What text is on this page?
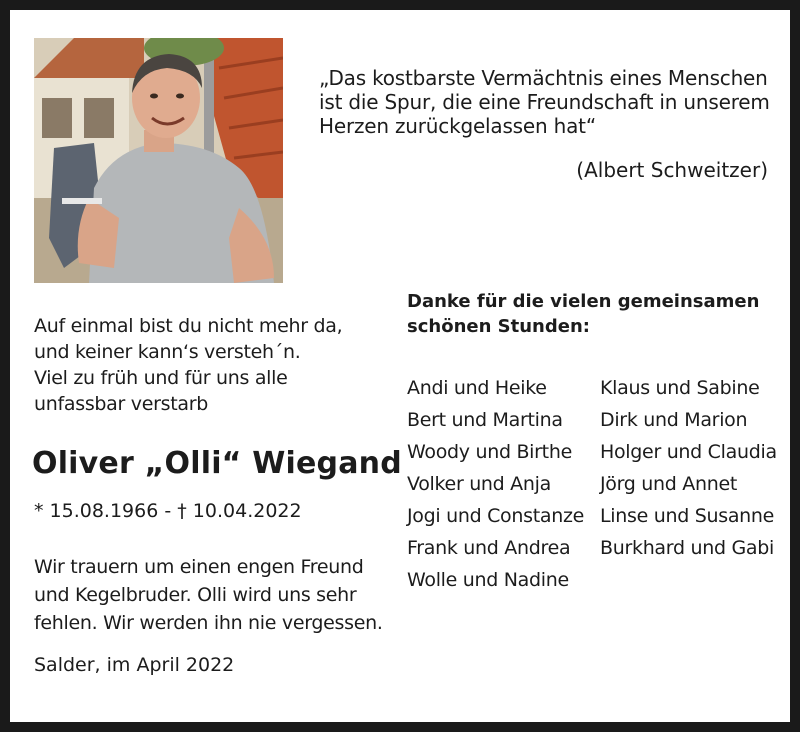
„Das kostbarste Vermächtnis eines Menschen

ist die Spur, die eine Freundschaft in unserem

Herzen zurückgelassen hat“

(Albert Schweitzer)

Auf einmal bist du nicht mehr da,

und keiner kann‘s versteh´n.

Viel zu früh und für uns alle

unfassbar verstarb

Oliver „Olli“ Wiegand
* 15.08.1966 - † 10.04.2022

Wir trauern um einen engen Freund

und Kegelbruder. Olli wird uns sehr

fehlen. Wir werden ihn nie vergessen.

Salder, im April 2022

Danke für die vielen gemeinsamen

schönen Stunden:

Andi und Heike
Bert und Martina
Woody und Birthe
Volker und Anja
Jogi und Constanze
Frank und Andrea
Wolle und Nadine
Klaus und Sabine
Dirk und Marion
Holger und Claudia
Jörg und Annet
Linse und Susanne
Burkhard und Gabi
